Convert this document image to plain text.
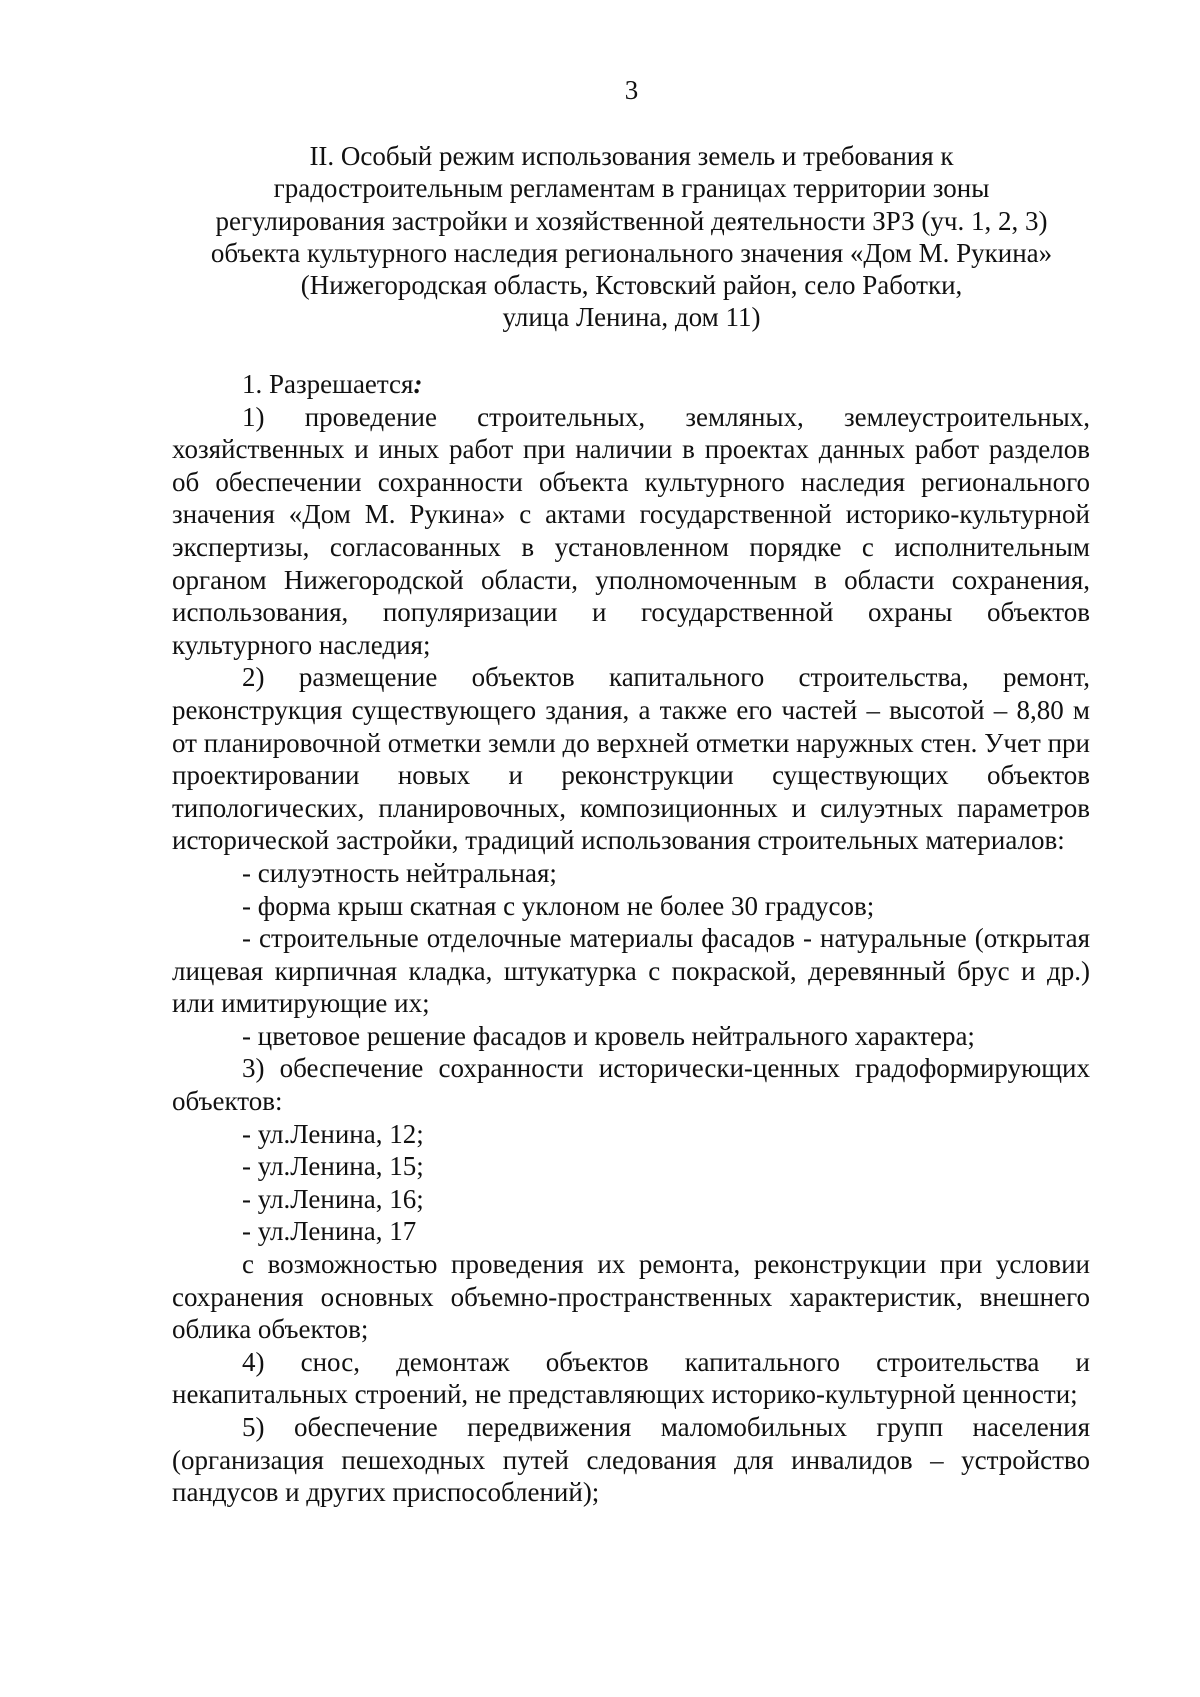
3
II. Особый режим использования земель и требования к
градостроительным регламентам в границах территории зоны
регулирования застройки и хозяйственной деятельности ЗРЗ (уч. 1, 2, 3)
объекта культурного наследия регионального значения «Дом М. Рукина»
(Нижегородская область, Кстовский район, село Работки,
улица Ленина, дом 11)
1. Разрешается:

1) проведение строительных, земляных, землеустроительных, хозяйственных и иных работ при наличии в проектах данных работ разделов об обеспечении сохранности объекта культурного наследия регионального значения «Дом М. Рукина» с актами государственной историко-культурной экспертизы, согласованных в установленном порядке с исполнительным органом Нижегородской области, уполномоченным в области сохранения, использования, популяризации и государственной охраны объектов культурного наследия;

2) размещение объектов капитального строительства, ремонт, реконструкция существующего здания, а также его частей – высотой – 8,80 м от планировочной отметки земли до верхней отметки наружных стен. Учет при проектировании новых и реконструкции существующих объектов типологических, планировочных, композиционных и силуэтных параметров исторической застройки, традиций использования строительных материалов:

- силуэтность нейтральная;

- форма крыш скатная с уклоном не более 30 градусов;

- строительные отделочные материалы фасадов - натуральные (открытая лицевая кирпичная кладка, штукатурка с покраской, деревянный брус и др.) или имитирующие их;

- цветовое решение фасадов и кровель нейтрального характера;

3) обеспечение сохранности исторически-ценных градоформирующих объектов:

- ул.Ленина, 12;

- ул.Ленина, 15;

- ул.Ленина, 16;

- ул.Ленина, 17

с возможностью проведения их ремонта, реконструкции при условии сохранения основных объемно-пространственных характеристик, внешнего облика объектов;

4) снос, демонтаж объектов капитального строительства и некапитальных строений, не представляющих историко-культурной ценности;

5) обеспечение передвижения маломобильных групп населения (организация пешеходных путей следования для инвалидов – устройство пандусов и других приспособлений);
